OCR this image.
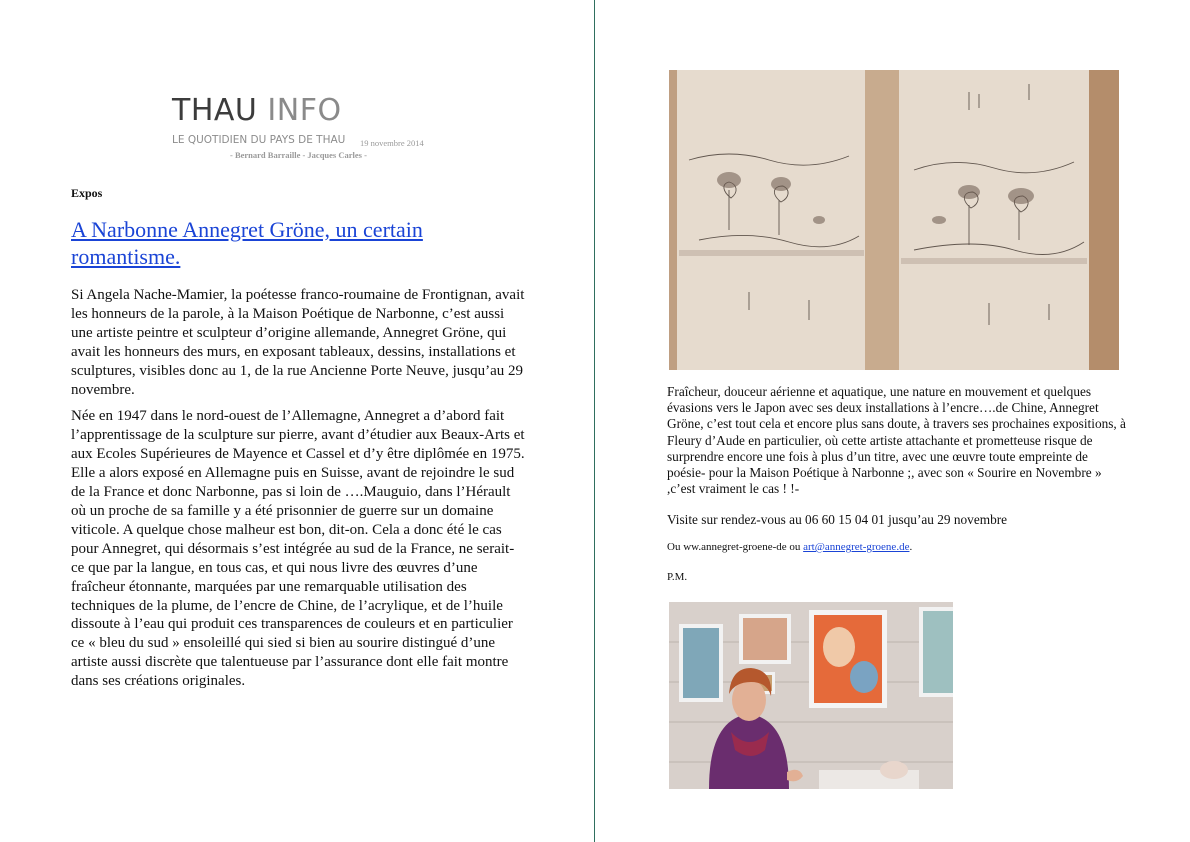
THAU INFO
LE QUOTIDIEN DU PAYS DE THAU 19 novembre 2014
- Bernard Barraille - Jacques Carles -
Expos
A Narbonne Annegret Gröne, un certain romantisme.

Si Angela Nache-Mamier, la poétesse franco-roumaine de Frontignan, avait les honneurs de la parole, à la Maison Poétique de Narbonne, c’est aussi une artiste peintre et sculpteur d’origine allemande, Annegret Gröne, qui avait les honneurs des murs, en exposant tableaux, dessins, installations et sculptures, visibles donc au 1, de la rue Ancienne Porte Neuve, jusqu’au 29 novembre.

Née en 1947 dans le nord-ouest de l’Allemagne, Annegret a d’abord fait l’apprentissage de la sculpture sur pierre, avant d’étudier aux Beaux-Arts et aux Ecoles Supérieures de Mayence et Cassel et d’y être diplômée en 1975. Elle a alors exposé en Allemagne puis en Suisse, avant de rejoindre le sud de la France et donc Narbonne, pas si loin de ….Mauguio, dans l’Hérault où un proche de sa famille y a été prisonnier de guerre sur un domaine viticole. A quelque chose malheur est bon, dit-on. Cela a donc été le cas pour Annegret, qui désormais s’est intégrée au sud de la France, ne serait-ce que par la langue, en tous cas, et qui nous livre des œuvres d’une fraîcheur étonnante, marquées par une remarquable utilisation des techniques de la plume, de l’encre de Chine, de l’acrylique, et de l’huile dissoute à l’eau qui produit ces transparences de couleurs et en particulier ce « bleu du sud » ensoleillé qui sied si bien au sourire distingué d’une artiste aussi discrète que talentueuse par l’assurance dont elle fait montre dans ses créations originales.

Fraîcheur, douceur aérienne et aquatique, une nature en mouvement et quelques évasions vers le Japon avec ses deux installations à l’encre….de Chine, Annegret Gröne, c’est tout cela et encore plus sans doute, à travers ses prochaines expositions, à Fleury d’Aude en particulier, où cette artiste attachante et prometteuse risque de surprendre encore une fois à plus d’un titre, avec une œuvre toute empreinte de poésie- pour la Maison Poétique à Narbonne ;, avec son « Sourire en Novembre » ,c’est vraiment le cas ! !-
Visite sur rendez-vous au 06 60 15 04 01 jusqu’au 29 novembre
Ou ww.annegret-groene-de ou art@annegret-groene.de.
P.M.
